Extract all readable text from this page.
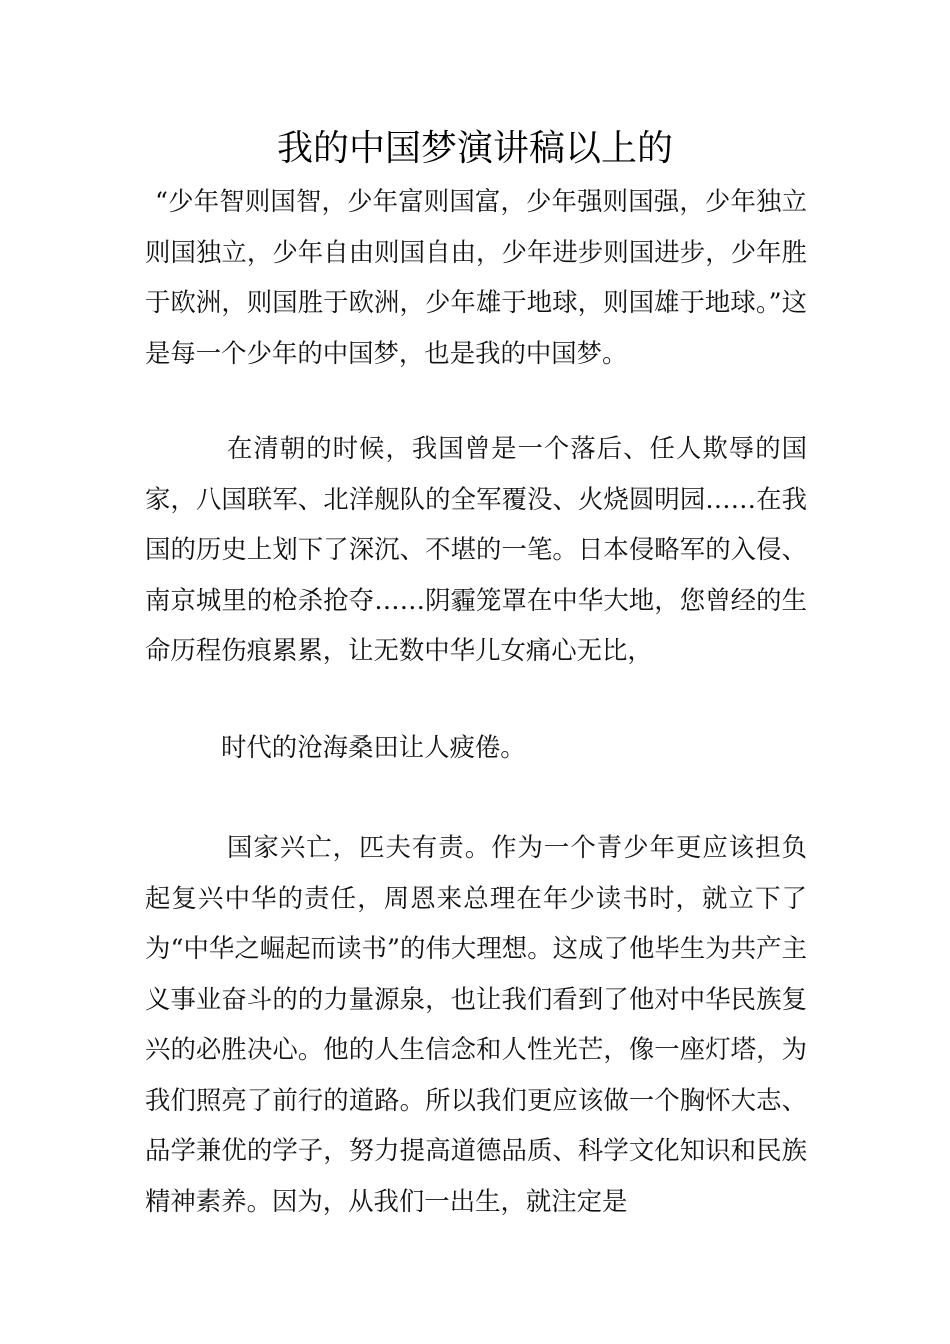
我的中国梦演讲稿以上的

“少年智则国智，少年富则国富，少年强则国强，少年独立则国独立，少年自由则国自由，少年进步则国进步，少年胜于欧洲，则国胜于欧洲，少年雄于地球，则国雄于地球。”这是每一个少年的中国梦，也是我的中国梦。

在清朝的时候，我国曾是一个落后、任人欺辱的国家，八国联军、北洋舰队的全军覆没、火烧圆明园……在我国的历史上划下了深沉、不堪的一笔。日本侵略军的入侵、南京城里的枪杀抢夺……阴霾笼罩在中华大地，您曾经的生命历程伤痕累累，让无数中华儿女痛心无比，

时代的沧海桑田让人疲倦。

国家兴亡，匹夫有责。作为一个青少年更应该担负起复兴中华的责任，周恩来总理在年少读书时，就立下了为“中华之崛起而读书”的伟大理想。这成了他毕生为共产主义事业奋斗的的力量源泉，也让我们看到了他对中华民族复兴的必胜决心。他的人生信念和人性光芒，像一座灯塔，为我们照亮了前行的道路。所以我们更应该做一个胸怀大志、品学兼优的学子，努力提高道德品质、科学文化知识和民族精神素养。因为，从我们一出生，就注定是
